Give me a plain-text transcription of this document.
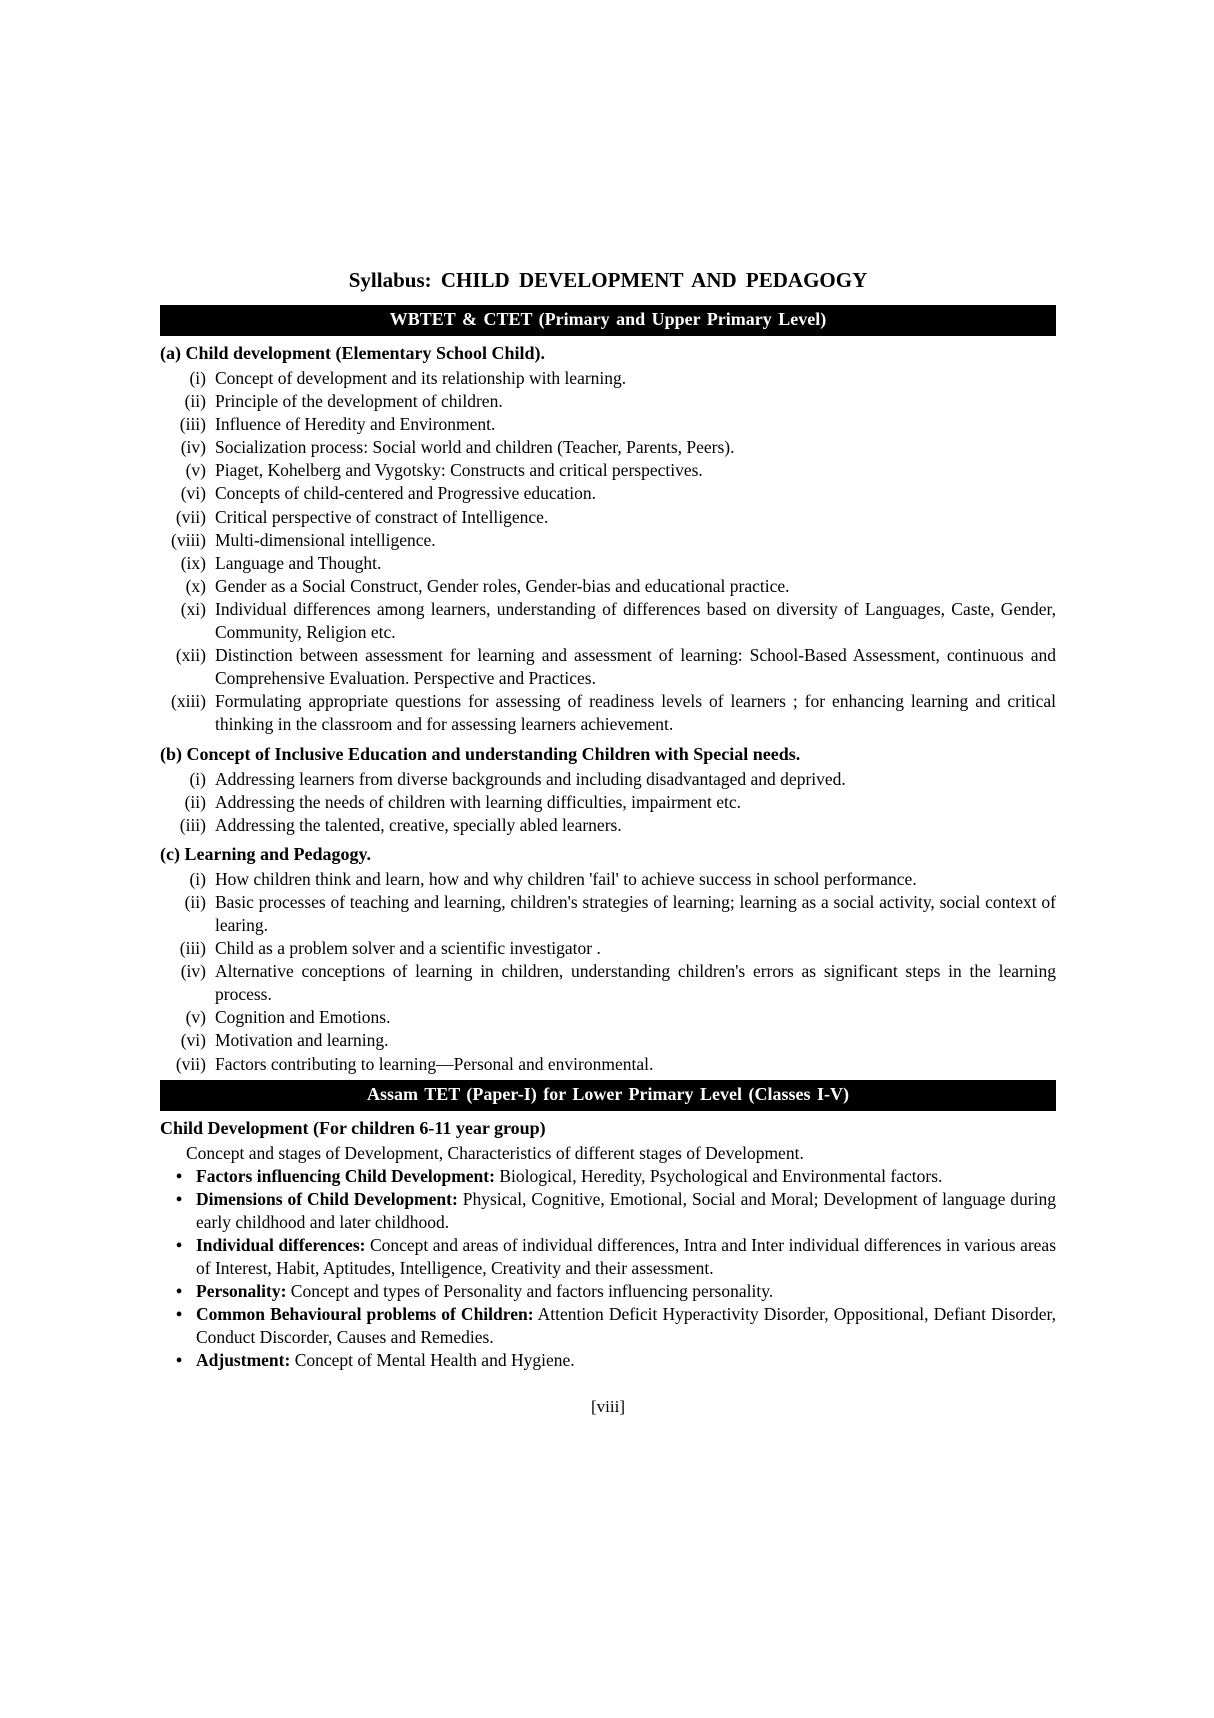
Syllabus: CHILD DEVELOPMENT AND PEDAGOGY
WBTET & CTET (Primary and Upper Primary Level)
(a) Child development (Elementary School Child).
(i) Concept of development and its relationship with learning.
(ii) Principle of the development of children.
(iii) Influence of Heredity and Environment.
(iv) Socialization process: Social world and children (Teacher, Parents, Peers).
(v) Piaget, Kohelberg and Vygotsky: Constructs and critical perspectives.
(vi) Concepts of child-centered and Progressive education.
(vii) Critical perspective of constract of Intelligence.
(viii) Multi-dimensional intelligence.
(ix) Language and Thought.
(x) Gender as a Social Construct, Gender roles, Gender-bias and educational practice.
(xi) Individual differences among learners, understanding of differences based on diversity of Languages, Caste, Gender, Community, Religion etc.
(xii) Distinction between assessment for learning and assessment of learning: School-Based Assessment, continuous and Comprehensive Evaluation. Perspective and Practices.
(xiii) Formulating appropriate questions for assessing of readiness levels of learners ; for enhancing learning and critical thinking in the classroom and for assessing learners achievement.
(b) Concept of Inclusive Education and understanding Children with Special needs.
(i) Addressing learners from diverse backgrounds and including disadvantaged and deprived.
(ii) Addressing the needs of children with learning difficulties, impairment etc.
(iii) Addressing the talented, creative, specially abled learners.
(c) Learning and Pedagogy.
(i) How children think and learn, how and why children 'fail' to achieve success in school performance.
(ii) Basic processes of teaching and learning, children's strategies of learning; learning as a social activity, social context of learing.
(iii) Child as a problem solver and a scientific investigator .
(iv) Alternative conceptions of learning in children, understanding children's errors as significant steps in the learning process.
(v) Cognition and Emotions.
(vi) Motivation and learning.
(vii) Factors contributing to learning—Personal and environmental.
Assam TET (Paper-I) for Lower Primary Level (Classes I-V)
Child Development (For children 6-11 year group)
Concept and stages of Development, Characteristics of different stages of Development.
• Factors influencing Child Development: Biological, Heredity, Psychological and Environmental factors.
• Dimensions of Child Development: Physical, Cognitive, Emotional, Social and Moral; Development of language during early childhood and later childhood.
• Individual differences: Concept and areas of individual differences, Intra and Inter individual differences in various areas of Interest, Habit, Aptitudes, Intelligence, Creativity and their assessment.
• Personality: Concept and types of Personality and factors influencing personality.
• Common Behavioural problems of Children: Attention Deficit Hyperactivity Disorder, Oppositional, Defiant Disorder, Conduct Discorder, Causes and Remedies.
• Adjustment: Concept of Mental Health and Hygiene.
[viii]
